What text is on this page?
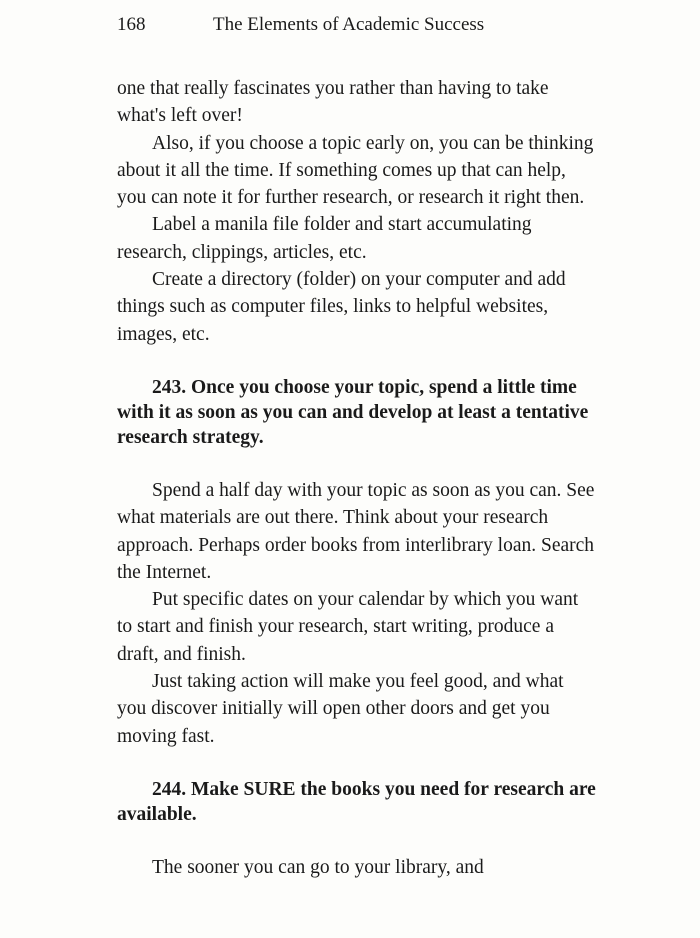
168	The Elements of Academic Success

one that really fascinates you rather than having to take what's left over!

Also, if you choose a topic early on, you can be thinking about it all the time. If something comes up that can help, you can note it for further research, or research it right then.

Label a manila file folder and start accumulating research, clippings, articles, etc.

Create a directory (folder) on your computer and add things such as computer files, links to helpful websites, images, etc.

243. Once you choose your topic, spend a little time with it as soon as you can and develop at least a tentative research strategy.

Spend a half day with your topic as soon as you can. See what materials are out there. Think about your research approach. Perhaps order books from interlibrary loan. Search the Internet.

Put specific dates on your calendar by which you want to start and finish your research, start writing, produce a draft, and finish.

Just taking action will make you feel good, and what you discover initially will open other doors and get you moving fast.

244. Make SURE the books you need for research are available.

The sooner you can go to your library, and
